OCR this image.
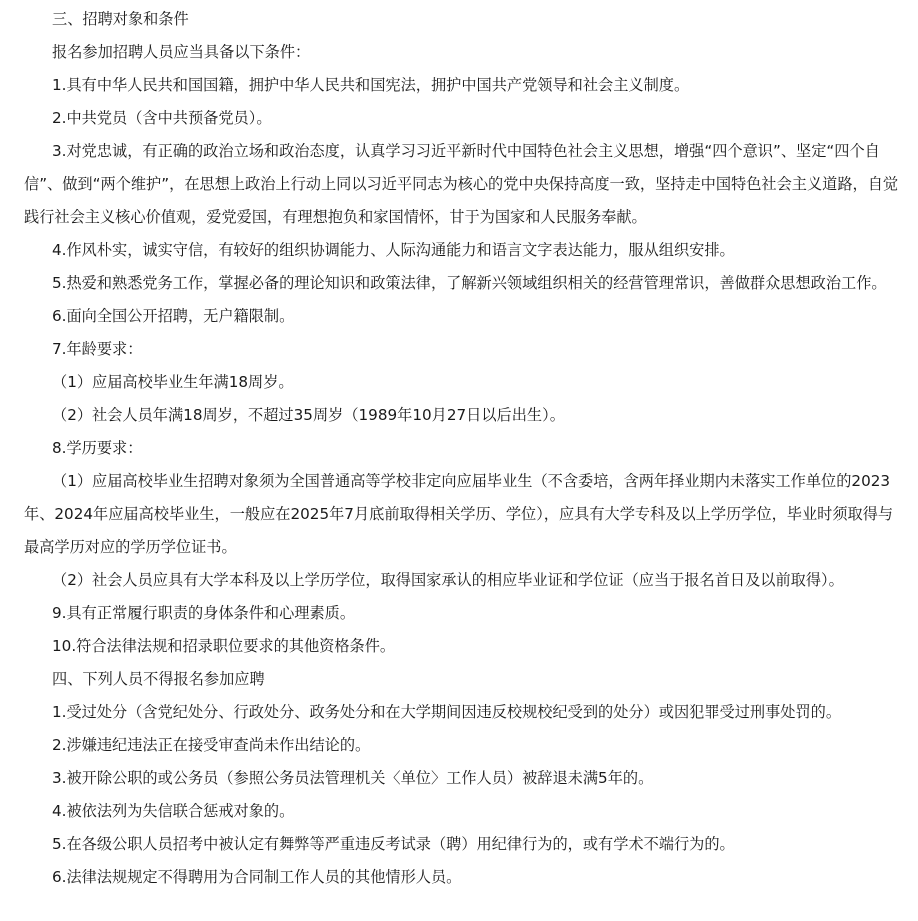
三、招聘对象和条件

报名参加招聘人员应当具备以下条件：

1.具有中华人民共和国国籍，拥护中华人民共和国宪法，拥护中国共产党领导和社会主义制度。

2.中共党员（含中共预备党员）。

3.对党忠诚，有正确的政治立场和政治态度，认真学习习近平新时代中国特色社会主义思想，增强“四个意识”、坚定“四个自信”、做到“两个维护”，在思想上政治上行动上同以习近平同志为核心的党中央保持高度一致，坚持走中国特色社会主义道路，自觉践行社会主义核心价值观，爱党爱国，有理想抱负和家国情怀，甘于为国家和人民服务奉献。

4.作风朴实，诚实守信，有较好的组织协调能力、人际沟通能力和语言文字表达能力，服从组织安排。

5.热爱和熟悉党务工作，掌握必备的理论知识和政策法律，了解新兴领域组织相关的经营管理常识，善做群众思想政治工作。

6.面向全国公开招聘，无户籍限制。

7.年龄要求：

（1）应届高校毕业生年满18周岁。

（2）社会人员年满18周岁，不超过35周岁（1989年10月27日以后出生）。

8.学历要求：

（1）应届高校毕业生招聘对象须为全国普通高等学校非定向应届毕业生（不含委培，含两年择业期内未落实工作单位的2023年、2024年应届高校毕业生，一般应在2025年7月底前取得相关学历、学位），应具有大学专科及以上学历学位，毕业时须取得与最高学历对应的学历学位证书。

（2）社会人员应具有大学本科及以上学历学位，取得国家承认的相应毕业证和学位证（应当于报名首日及以前取得）。

9.具有正常履行职责的身体条件和心理素质。

10.符合法律法规和招录职位要求的其他资格条件。

四、下列人员不得报名参加应聘

1.受过处分（含党纪处分、行政处分、政务处分和在大学期间因违反校规校纪受到的处分）或因犯罪受过刑事处罚的。

2.涉嫌违纪违法正在接受审查尚未作出结论的。

3.被开除公职的或公务员（参照公务员法管理机关〈单位〉工作人员）被辞退未满5年的。

4.被依法列为失信联合惩戒对象的。

5.在各级公职人员招考中被认定有舞弊等严重违反考试录（聘）用纪律行为的，或有学术不端行为的。

6.法律法规规定不得聘用为合同制工作人员的其他情形人员。
